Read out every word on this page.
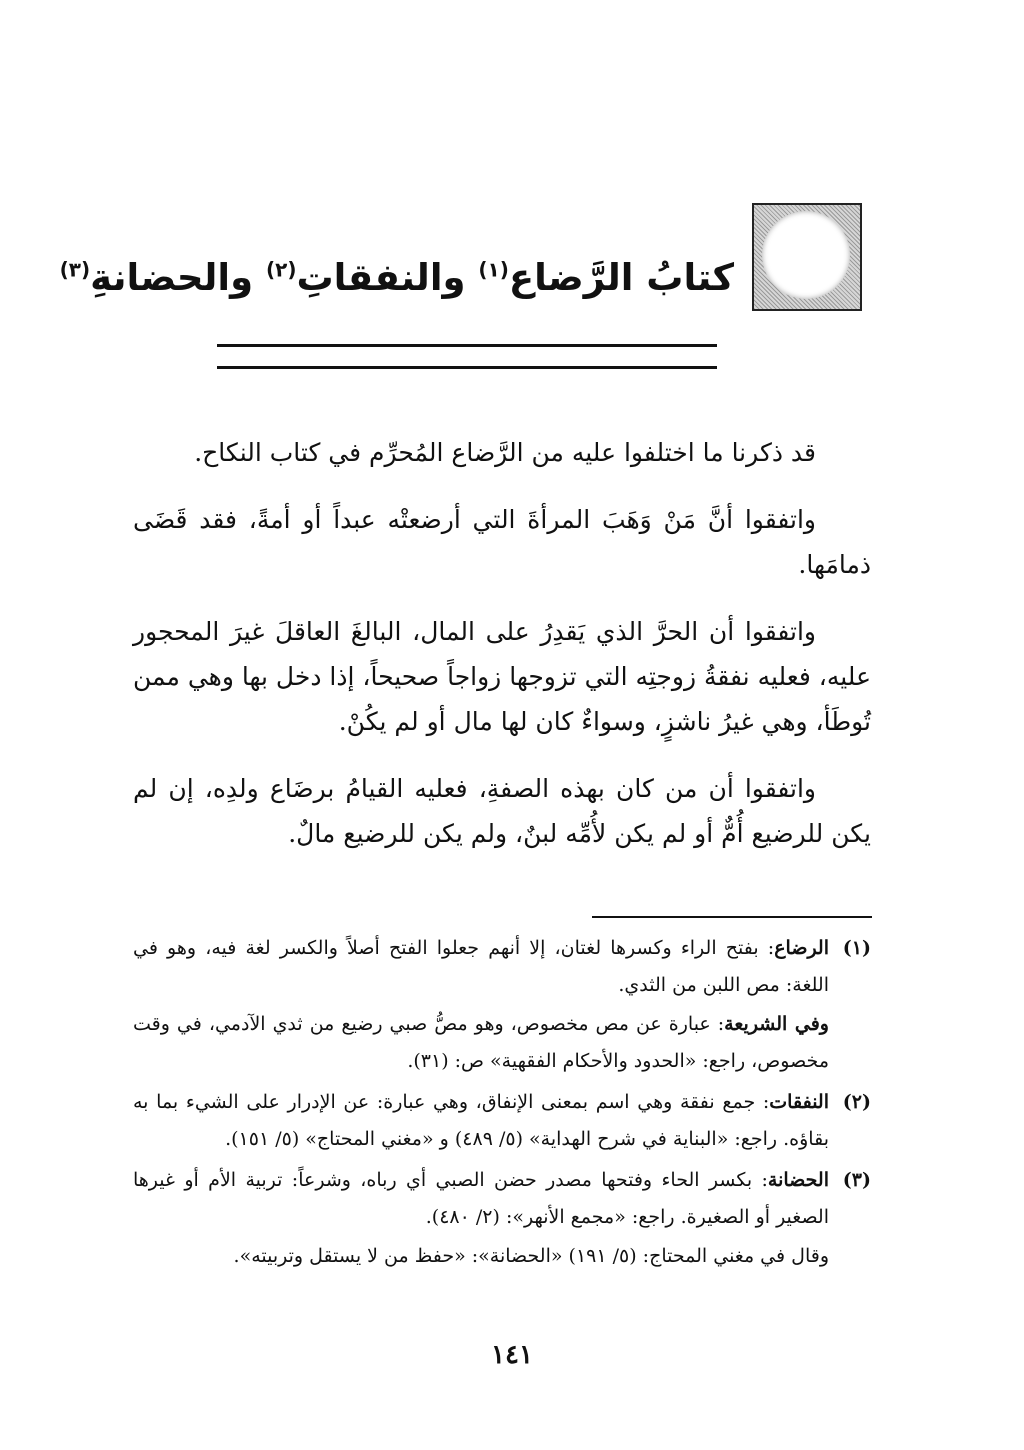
كتابُ الرَّضاع$^{(١)}$ والنفقاتِ$^{(٢)}$ والحضانةِ$^{(٣)}$

قد ذكرنا ما اختلفوا عليه من الرَّضاع المُحرِّم في كتاب النكاح.

واتفقوا أنَّ مَنْ وَهَبَ المرأةَ التي أرضعتْه عبداً أو أمةً، فقد قَضَى ذمامَها.

واتفقوا أن الحرَّ الذي يَقدِرُ على المال، البالغَ العاقلَ غيرَ المحجور عليه، فعليه نفقةُ زوجتِه التي تزوجها زواجاً صحيحاً، إذا دخل بها وهي ممن تُوطَأ، وهي غيرُ ناشزٍ، وسواءٌ كان لها مال أو لم يكُنْ.

واتفقوا أن من كان بهذه الصفةِ، فعليه القيامُ برضَاع ولدِه، إن لم يكن للرضيع أُمٌّ أو لم يكن لأُمِّه لبنٌ، ولم يكن للرضيع مالٌ.

(١)
الرضاع: بفتح الراء وكسرها لغتان، إلا أنهم جعلوا الفتح أصلاً والكسر لغة فيه، وهو في اللغة: مص اللبن من الثدي.
وفي الشريعة: عبارة عن مص مخصوص، وهو مصُّ صبي رضيع من ثدي الآدمي، في وقت مخصوص، راجع: «الحدود والأحكام الفقهية» ص: (٣١).
(٢)
النفقات: جمع نفقة وهي اسم بمعنى الإنفاق، وهي عبارة: عن الإدرار على الشيء بما به بقاؤه. راجع: «البناية في شرح الهداية» (٥/ ٤٨٩) و «مغني المحتاج» (٥/ ١٥١).
(٣)
الحضانة: بكسر الحاء وفتحها مصدر حضن الصبي أي رباه، وشرعاً: تربية الأم أو غيرها الصغير أو الصغيرة. راجع: «مجمع الأنهر»: (٢/ ٤٨٠).
وقال في مغني المحتاج: (٥/ ١٩١) «الحضانة»: «حفظ من لا يستقل وتربيته».
١٤١
